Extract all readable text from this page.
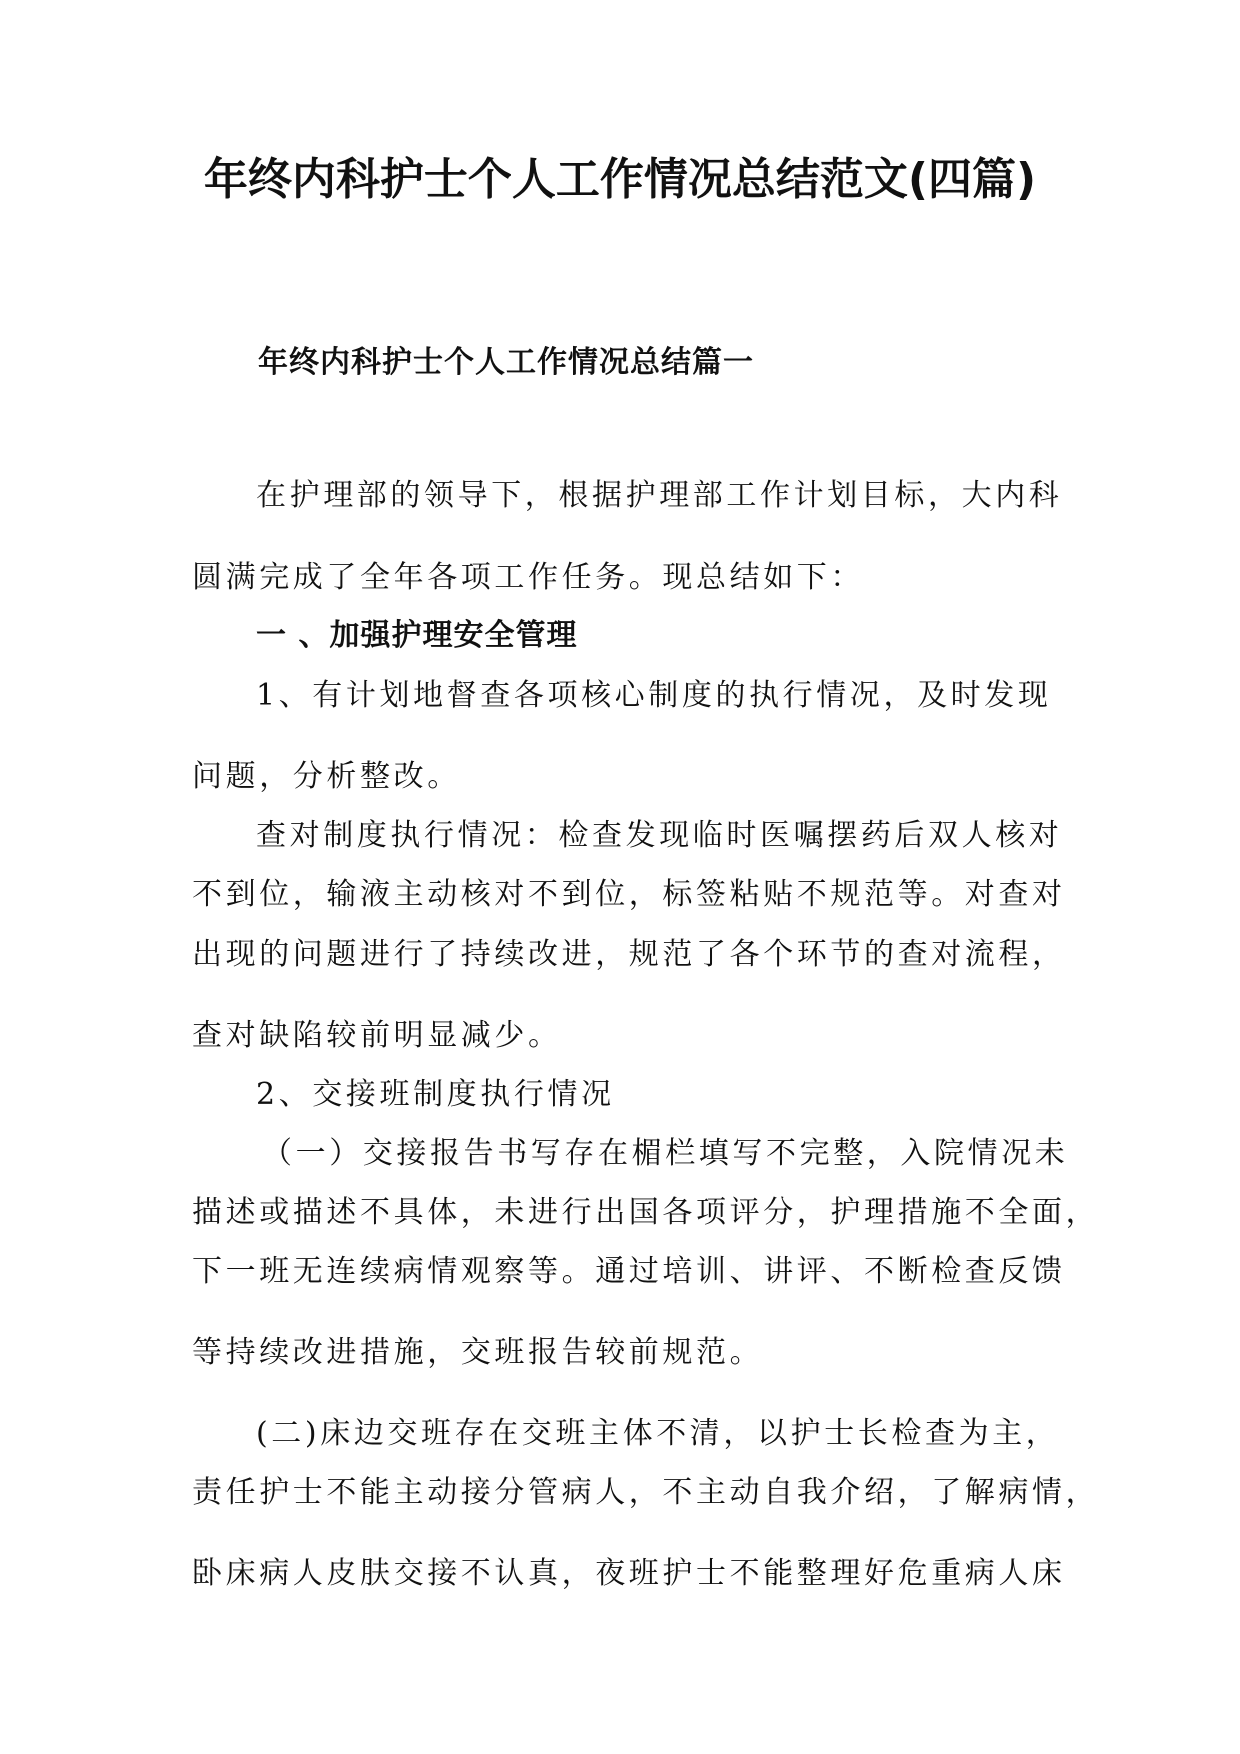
年终内科护士个人工作情况总结范文(四篇)
年终内科护士个人工作情况总结篇一
在护理部的领导下，根据护理部工作计划目标，大内科
圆满完成了全年各项工作任务。现总结如下：
一 、加强护理安全管理
1、有计划地督查各项核心制度的执行情况，及时发现
问题，分析整改。
查对制度执行情况：检查发现临时医嘱摆药后双人核对
不到位，输液主动核对不到位，标签粘贴不规范等。对查对
出现的问题进行了持续改进，规范了各个环节的查对流程，
查对缺陷较前明显减少。
2、交接班制度执行情况
（一）交接报告书写存在楣栏填写不完整，入院情况未
描述或描述不具体，未进行出国各项评分，护理措施不全面，
下一班无连续病情观察等。通过培训、讲评、不断检查反馈
等持续改进措施，交班报告较前规范。
(二)床边交班存在交班主体不清，以护士长检查为主，
责任护士不能主动接分管病人，不主动自我介绍，了解病情，
卧床病人皮肤交接不认真，夜班护士不能整理好危重病人床
